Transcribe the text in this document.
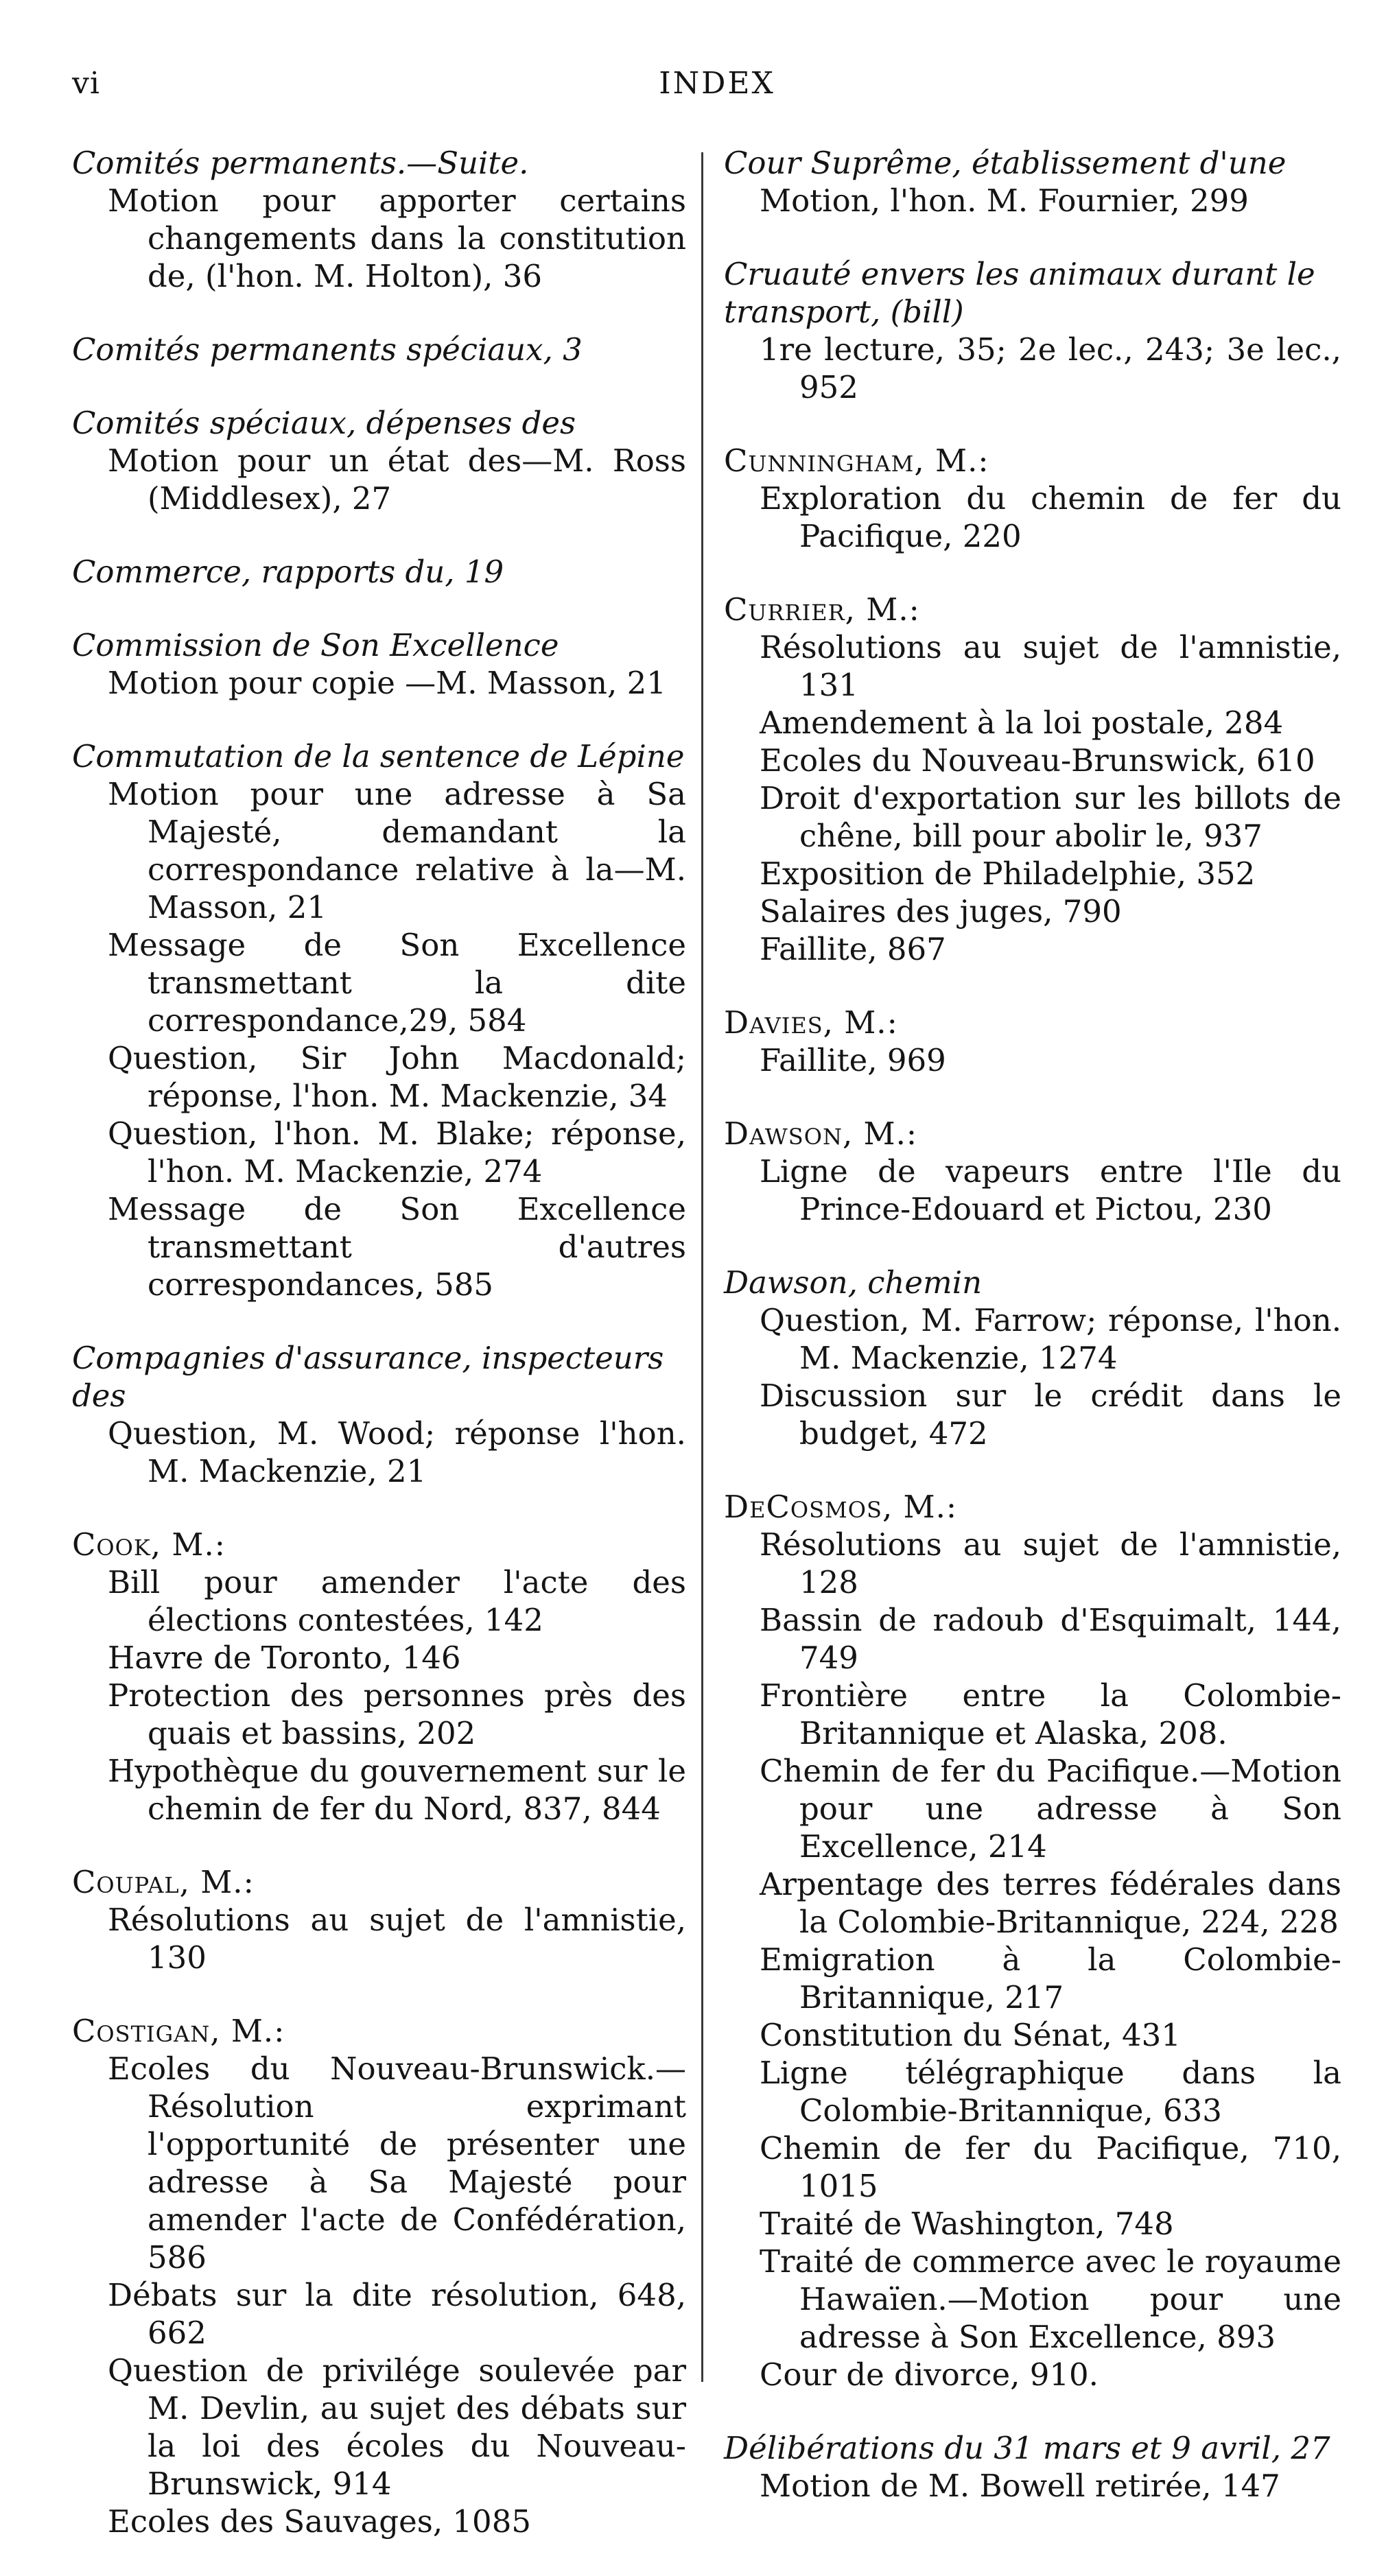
vi	INDEX
Comités permanents.—Suite.
Motion pour apporter certains changements dans la constitution de, (l'hon. M. Holton), 36
Comités permanents spéciaux, 3
Comités spéciaux, dépenses des
Motion pour un état des—M. Ross (Middlesex), 27
Commerce, rapports du, 19
Commission de Son Excellence
Motion pour copie —M. Masson, 21
Commutation de la sentence de Lépine
Motion pour une adresse à Sa Majesté, demandant la correspondance relative à la—M. Masson, 21
Message de Son Excellence transmettant la dite correspondance,29, 584
Question, Sir John Macdonald; réponse, l'hon. M. Mackenzie, 34
Question, l'hon. M. Blake; réponse, l'hon. M. Mackenzie, 274
Message de Son Excellence transmettant d'autres correspondances, 585
Compagnies d'assurance, inspecteurs des
Question, M. Wood; réponse l'hon. M. Mackenzie, 21
Cook, M.:
Bill pour amender l'acte des élections contestées, 142
Havre de Toronto, 146
Protection des personnes près des quais et bassins, 202
Hypothèque du gouvernement sur le chemin de fer du Nord, 837, 844
Coupal, M.:
Résolutions au sujet de l'amnistie, 130
Costigan, M.:
Ecoles du Nouveau-Brunswick.—Résolution exprimant l'opportunité de présenter une adresse à Sa Majesté pour amender l'acte de Confédération, 586
Débats sur la dite résolution, 648, 662
Question de privilége soulevée par M. Devlin, au sujet des débats sur la loi des écoles du Nouveau-Brunswick, 914
Ecoles des Sauvages, 1085
Cour Suprême, établissement d'une
Motion, l'hon. M. Fournier, 299
Cruauté envers les animaux durant le transport, (bill)
1re lecture, 35; 2e lec., 243; 3e lec., 952
Cunningham, M.:
Exploration du chemin de fer du Pacifique, 220
Currier, M.:
Résolutions au sujet de l'amnistie, 131
Amendement à la loi postale, 284
Ecoles du Nouveau-Brunswick, 610
Droit d'exportation sur les billots de chêne, bill pour abolir le, 937
Exposition de Philadelphie, 352
Salaires des juges, 790
Faillite, 867
Davies, M.:
Faillite, 969
Dawson, M.:
Ligne de vapeurs entre l'Ile du Prince-Edouard et Pictou, 230
Dawson, chemin
Question, M. Farrow; réponse, l'hon. M. Mackenzie, 1274
Discussion sur le crédit dans le budget, 472
DeCosmos, M.:
Résolutions au sujet de l'amnistie, 128
Bassin de radoub d'Esquimalt, 144, 749
Frontière entre la Colombie-Britannique et Alaska, 208.
Chemin de fer du Pacifique.—Motion pour une adresse à Son Excellence, 214
Arpentage des terres fédérales dans la Colombie-Britannique, 224, 228
Emigration à la Colombie-Britannique, 217
Constitution du Sénat, 431
Ligne télégraphique dans la Colombie-Britannique, 633
Chemin de fer du Pacifique, 710, 1015
Traité de Washington, 748
Traité de commerce avec le royaume Hawaïen.—Motion pour une adresse à Son Excellence, 893
Cour de divorce, 910.
Délibérations du 31 mars et 9 avril, 27
Motion de M. Bowell retirée, 147
